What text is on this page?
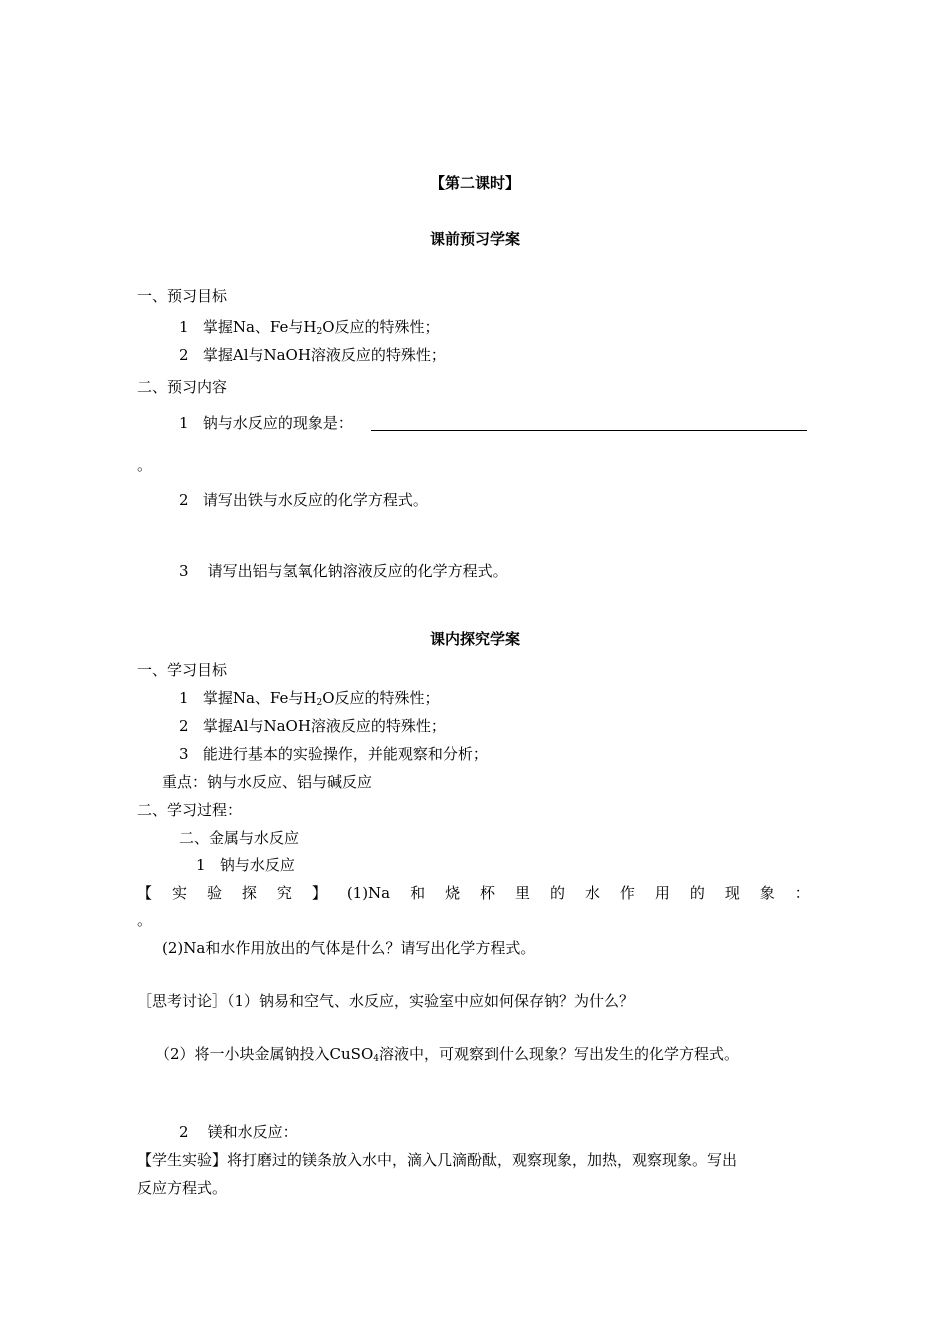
【第二课时】
课前预习学案
一、预习目标
1 掌握Na、Fe与$H_2O$反应的特殊性；
2 掌握Al与NaOH溶液反应的特殊性；
二、预习内容
1 钠与水反应的现象是：
。
2 请写出铁与水反应的化学方程式。
3 请写出铝与氢氧化钠溶液反应的化学方程式。
课内探究学案
一、学习目标
1 掌握Na、Fe与$H_2O$反应的特殊性；
2 掌握Al与NaOH溶液反应的特殊性；
3 能进行基本的实验操作，并能观察和分析；
重点：钠与水反应、铝与碱反应
二、学习过程：
二、金属与水反应
1 钠与水反应
【 实 验 探 究 】 (1)Na 和 烧 杯 里 的 水 作 用 的 现 象 ：
。
(2)Na和水作用放出的气体是什么？请写出化学方程式。
［思考讨论］（1）钠易和空气、水反应，实验室中应如何保存钠？为什么？
（2）将一小块金属钠投入CuSO$_4$溶液中，可观察到什么现象？写出发生的化学方程式。
2 镁和水反应：
【学生实验】将打磨过的镁条放入水中，滴入几滴酚酞，观察现象，加热，观察现象。写出
反应方程式。
